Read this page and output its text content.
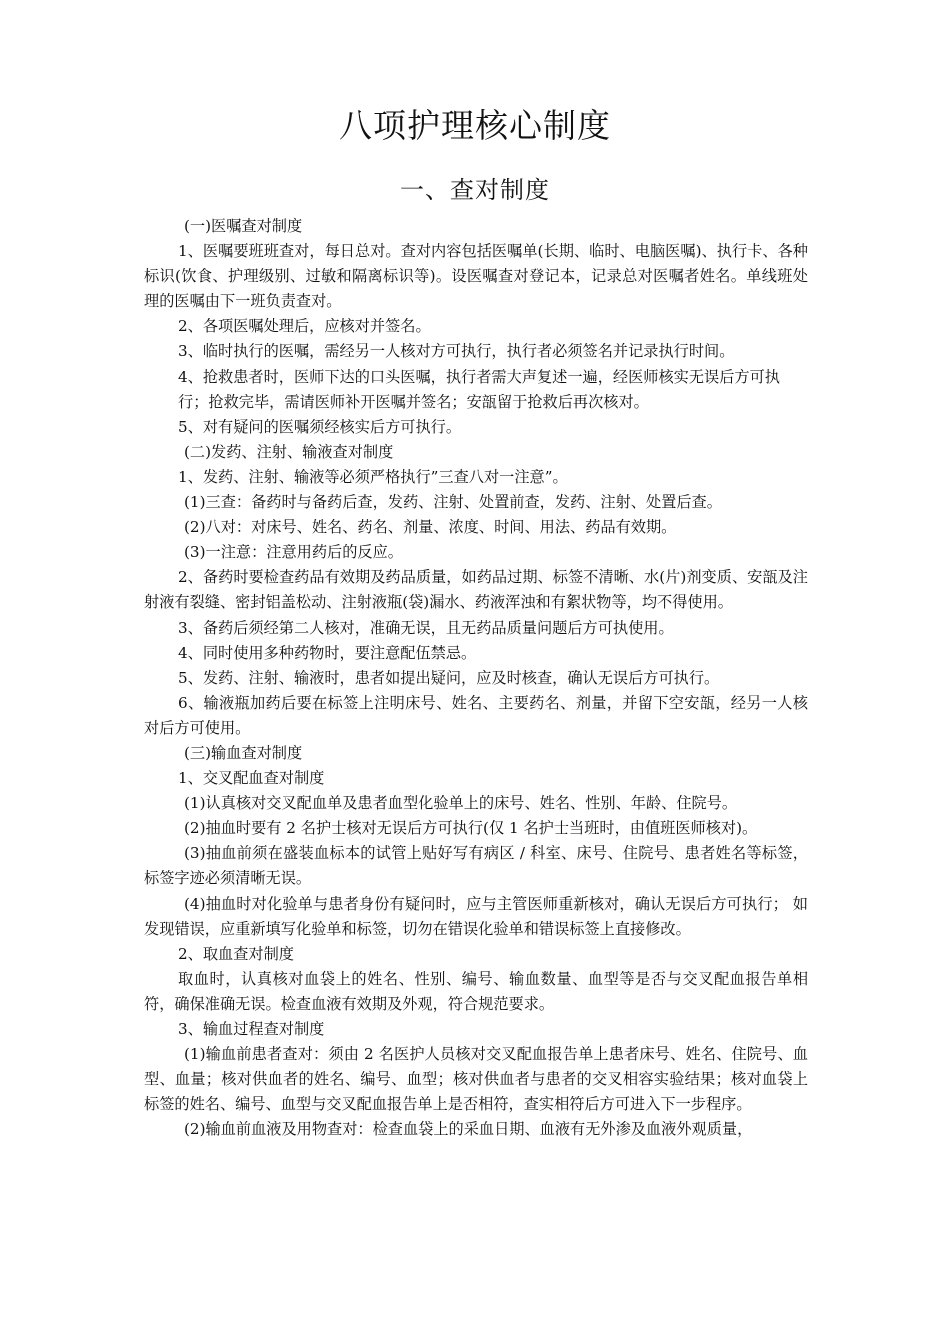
八项护理核心制度
一、查对制度

(一)医嘱查对制度

1、医嘱要班班查对，每日总对。查对内容包括医嘱单(长期、临时、电脑医嘱)、执行卡、各种标识(饮食、护理级别、过敏和隔离标识等)。设医嘱查对登记本，记录总对医嘱者姓名。单线班处理的医嘱由下一班负责查对。

2、各项医嘱处理后，应核对并签名。

3、临时执行的医嘱，需经另一人核对方可执行，执行者必须签名并记录执行时间。

4、抢救患者时，医师下达的口头医嘱，执行者需大声复述一遍，经医师核实无误后方可执

行；抢救完毕，需请医师补开医嘱并签名；安瓿留于抢救后再次核对。

5、对有疑问的医嘱须经核实后方可执行。

(二)发药、注射、输液查对制度

1、发药、注射、输液等必须严格执行”三查八对一注意”。

(1)三查：备药时与备药后查，发药、注射、处置前查，发药、注射、处置后查。

(2)八对：对床号、姓名、药名、剂量、浓度、时间、用法、药品有效期。

(3)一注意：注意用药后的反应。

2、备药时要检查药品有效期及药品质量，如药品过期、标签不清晰、水(片)剂变质、安瓿及注射液有裂缝、密封铝盖松动、注射液瓶(袋)漏水、药液浑浊和有絮状物等，均不得使用。

3、备药后须经第二人核对，准确无误，且无药品质量问题后方可执使用。

4、同时使用多种药物时，要注意配伍禁忌。

5、发药、注射、输液时，患者如提出疑问，应及时核查，确认无误后方可执行。

6、输液瓶加药后要在标签上注明床号、姓名、主要药名、剂量，并留下空安瓿，经另一人核对后方可使用。

(三)输血查对制度

1、交叉配血查对制度

(1)认真核对交叉配血单及患者血型化验单上的床号、姓名、性别、年龄、住院号。

(2)抽血时要有 2 名护士核对无误后方可执行(仅 1 名护士当班时，由值班医师核对)。

(3)抽血前须在盛装血标本的试管上贴好写有病区 / 科室、床号、住院号、患者姓名等标签，标签字迹必须清晰无误。

(4)抽血时对化验单与患者身份有疑问时，应与主管医师重新核对，确认无误后方可执行； 如发现错误，应重新填写化验单和标签，切勿在错误化验单和错误标签上直接修改。

2、取血查对制度

取血时，认真核对血袋上的姓名、性别、编号、输血数量、血型等是否与交叉配血报告单相符，确保准确无误。检查血液有效期及外观，符合规范要求。

3、输血过程查对制度

(1)输血前患者查对：须由 2 名医护人员核对交叉配血报告单上患者床号、姓名、住院号、血型、血量；核对供血者的姓名、编号、血型；核对供血者与患者的交叉相容实验结果；核对血袋上标签的姓名、编号、血型与交叉配血报告单上是否相符，查实相符后方可进入下一步程序。

(2)输血前血液及用物查对：检查血袋上的采血日期、血液有无外渗及血液外观质量，
